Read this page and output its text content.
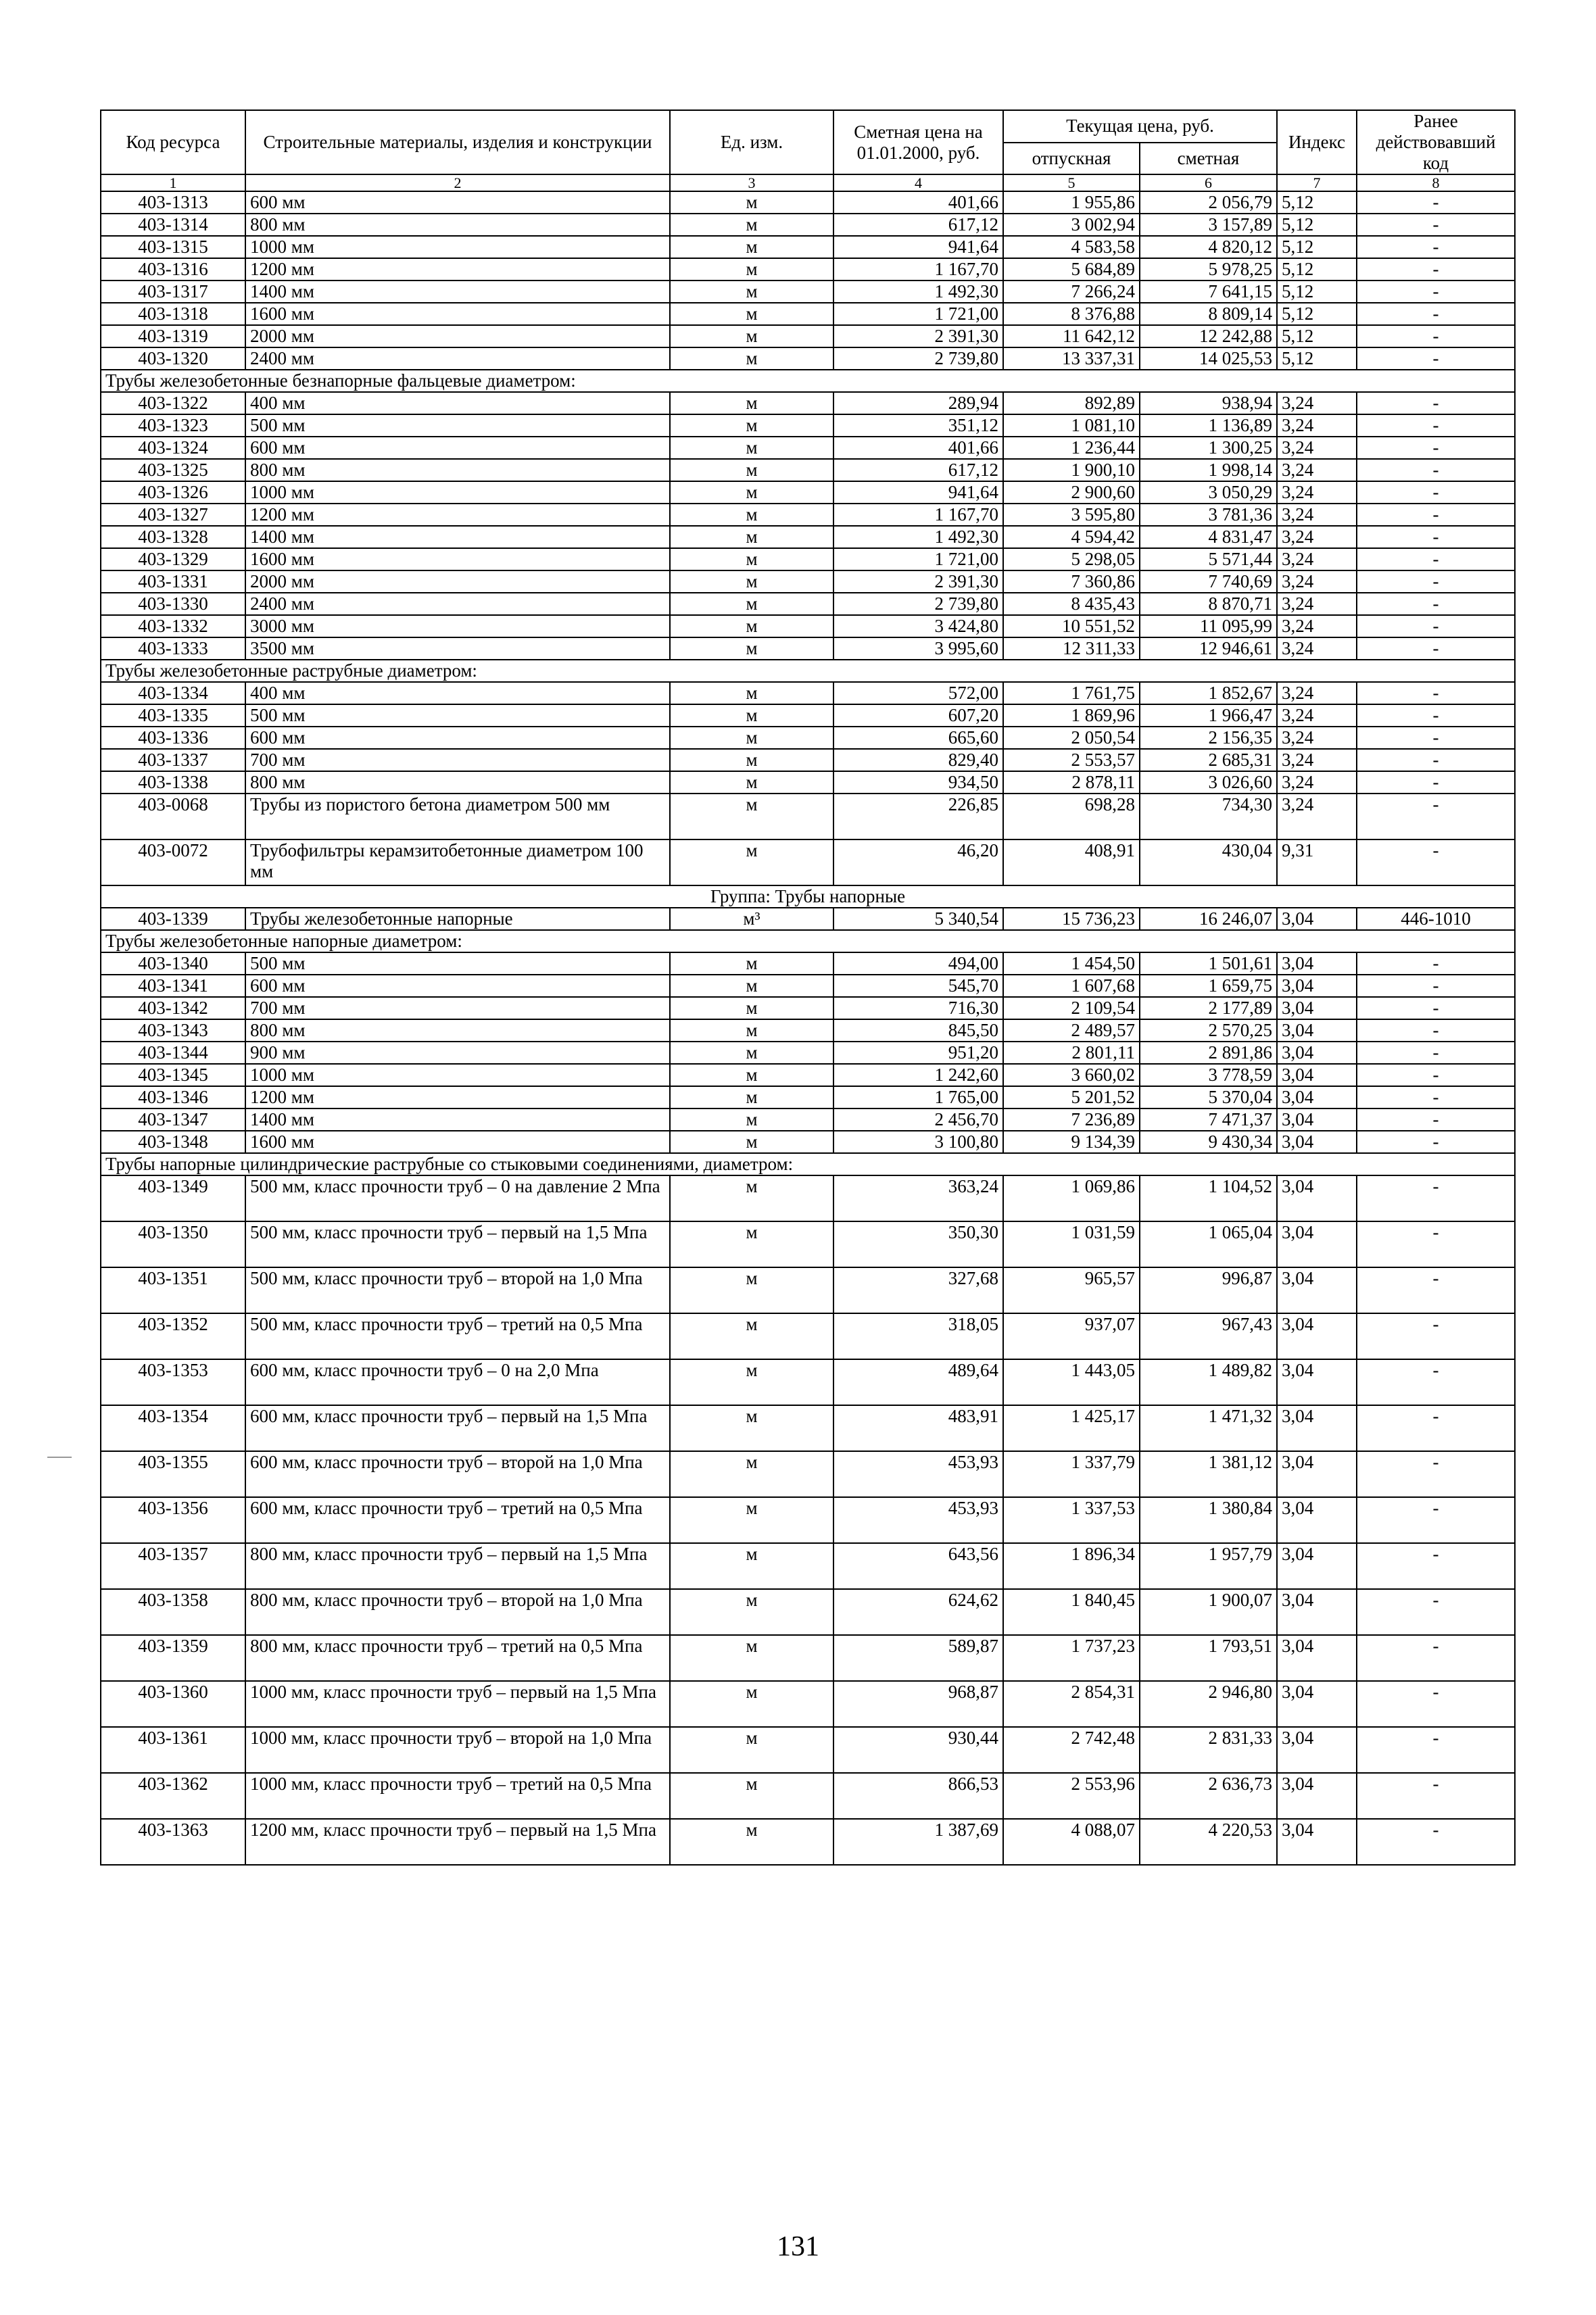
Код ресурса	Строительные материалы, изделия и конструкции	Ед. изм.	Сметная цена на 01.01.2000, руб.	Текущая цена, руб.		Индекс	Ранее действовавший код
				отпускная	сметная		
1	2	3	4	5	6	7	8
403-1313	600 мм	м	401,66	1 955,86	2 056,79	5,12	-
403-1314	800 мм	м	617,12	3 002,94	3 157,89	5,12	-
403-1315	1000 мм	м	941,64	4 583,58	4 820,12	5,12	-
403-1316	1200 мм	м	1 167,70	5 684,89	5 978,25	5,12	-
403-1317	1400 мм	м	1 492,30	7 266,24	7 641,15	5,12	-
403-1318	1600 мм	м	1 721,00	8 376,88	8 809,14	5,12	-
403-1319	2000 мм	м	2 391,30	11 642,12	12 242,88	5,12	-
403-1320	2400 мм	м	2 739,80	13 337,31	14 025,53	5,12	-
Трубы железобетонные безнапорные фальцевые диаметром:							
403-1322	400 мм	м	289,94	892,89	938,94	3,24	-
403-1323	500 мм	м	351,12	1 081,10	1 136,89	3,24	-
403-1324	600 мм	м	401,66	1 236,44	1 300,25	3,24	-
403-1325	800 мм	м	617,12	1 900,10	1 998,14	3,24	-
403-1326	1000 мм	м	941,64	2 900,60	3 050,29	3,24	-
403-1327	1200 мм	м	1 167,70	3 595,80	3 781,36	3,24	-
403-1328	1400 мм	м	1 492,30	4 594,42	4 831,47	3,24	-
403-1329	1600 мм	м	1 721,00	5 298,05	5 571,44	3,24	-
403-1331	2000 мм	м	2 391,30	7 360,86	7 740,69	3,24	-
403-1330	2400 мм	м	2 739,80	8 435,43	8 870,71	3,24	-
403-1332	3000 мм	м	3 424,80	10 551,52	11 095,99	3,24	-
403-1333	3500 мм	м	3 995,60	12 311,33	12 946,61	3,24	-
Трубы железобетонные раструбные диаметром:							
403-1334	400 мм	м	572,00	1 761,75	1 852,67	3,24	-
403-1335	500 мм	м	607,20	1 869,96	1 966,47	3,24	-
403-1336	600 мм	м	665,60	2 050,54	2 156,35	3,24	-
403-1337	700 мм	м	829,40	2 553,57	2 685,31	3,24	-
403-1338	800 мм	м	934,50	2 878,11	3 026,60	3,24	-
403-0068	Трубы из пористого бетона диаметром 500 мм	м	226,85	698,28	734,30	3,24	-
403-0072	Трубофильтры керамзитобетонные диаметром 100 мм	м	46,20	408,91	430,04	9,31	-
Группа: Трубы напорные							
403-1339	Трубы железобетонные напорные	м³	5 340,54	15 736,23	16 246,07	3,04	446-1010
Трубы железобетонные напорные диаметром:							
403-1340	500 мм	м	494,00	1 454,50	1 501,61	3,04	-
403-1341	600 мм	м	545,70	1 607,68	1 659,75	3,04	-
403-1342	700 мм	м	716,30	2 109,54	2 177,89	3,04	-
403-1343	800 мм	м	845,50	2 489,57	2 570,25	3,04	-
403-1344	900 мм	м	951,20	2 801,11	2 891,86	3,04	-
403-1345	1000 мм	м	1 242,60	3 660,02	3 778,59	3,04	-
403-1346	1200 мм	м	1 765,00	5 201,52	5 370,04	3,04	-
403-1347	1400 мм	м	2 456,70	7 236,89	7 471,37	3,04	-
403-1348	1600 мм	м	3 100,80	9 134,39	9 430,34	3,04	-
Трубы напорные цилиндрические раструбные со стыковыми соединениями, диаметром:							
403-1349	500 мм, класс прочности труб – 0 на давление 2 Мпа	м	363,24	1 069,86	1 104,52	3,04	-
403-1350	500 мм, класс прочности труб – первый на 1,5 Мпа	м	350,30	1 031,59	1 065,04	3,04	-
403-1351	500 мм, класс прочности труб – второй на 1,0 Мпа	м	327,68	965,57	996,87	3,04	-
403-1352	500 мм, класс прочности труб – третий на 0,5 Мпа	м	318,05	937,07	967,43	3,04	-
403-1353	600 мм, класс прочности труб – 0 на 2,0 Мпа	м	489,64	1 443,05	1 489,82	3,04	-
403-1354	600 мм, класс прочности труб – первый на 1,5 Мпа	м	483,91	1 425,17	1 471,32	3,04	-
403-1355	600 мм, класс прочности труб – второй на 1,0 Мпа	м	453,93	1 337,79	1 381,12	3,04	-
403-1356	600 мм, класс прочности труб – третий на 0,5 Мпа	м	453,93	1 337,53	1 380,84	3,04	-
403-1357	800 мм, класс прочности труб – первый на 1,5 Мпа	м	643,56	1 896,34	1 957,79	3,04	-
403-1358	800 мм, класс прочности труб – второй на 1,0 Мпа	м	624,62	1 840,45	1 900,07	3,04	-
403-1359	800 мм, класс прочности труб – третий на 0,5 Мпа	м	589,87	1 737,23	1 793,51	3,04	-
403-1360	1000 мм, класс прочности труб – первый на 1,5 Мпа	м	968,87	2 854,31	2 946,80	3,04	-
403-1361	1000 мм, класс прочности труб – второй на 1,0 Мпа	м	930,44	2 742,48	2 831,33	3,04	-
403-1362	1000 мм, класс прочности труб – третий на 0,5 Мпа	м	866,53	2 553,96	2 636,73	3,04	-
403-1363	1200 мм, класс прочности труб – первый на 1,5 Мпа	м	1 387,69	4 088,07	4 220,53	3,04	-
131
